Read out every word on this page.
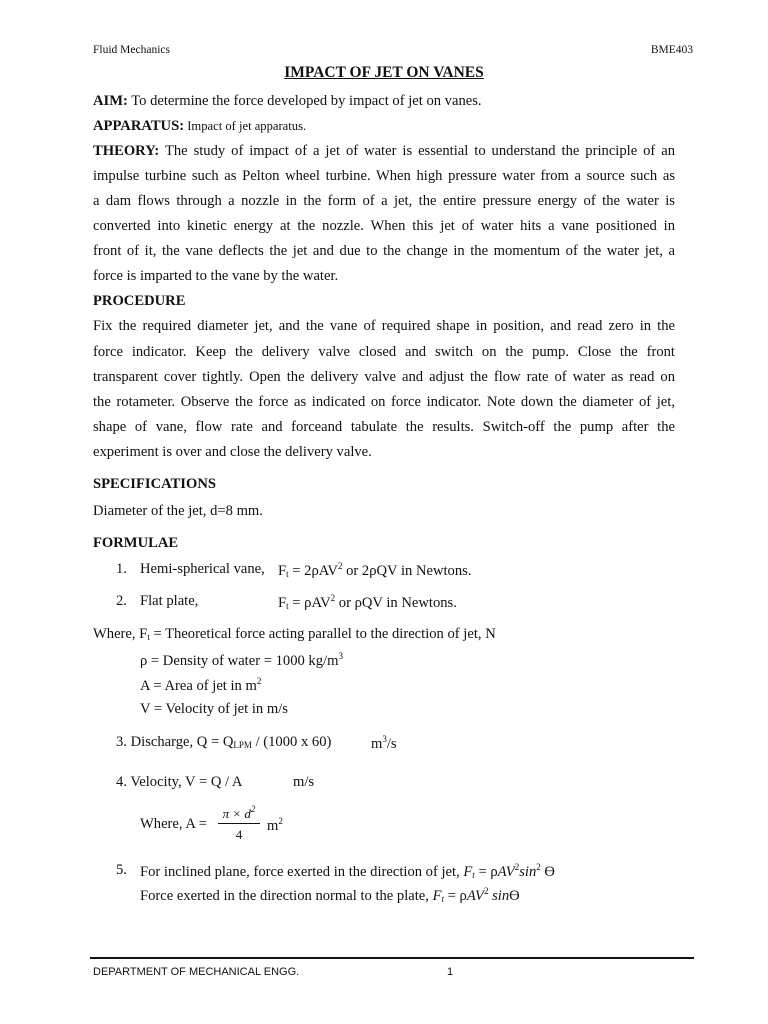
Fluid Mechanics	BME403
IMPACT OF JET ON VANES
AIM: To determine the force developed by impact of jet on vanes.
APPARATUS: Impact of jet apparatus.
THEORY: The study of impact of a jet of water is essential to understand the principle of an
impulse turbine such as Pelton wheel turbine. When high pressure water from a source such as
a dam flows through a nozzle in the form of a jet, the entire pressure energy of the water is
converted into kinetic energy at the nozzle. When this jet of water hits a vane positioned in
front of it, the vane deflects the jet and due to the change in the momentum of the water jet, a
force is imparted to the vane by the water.
PROCEDURE
Fix the required diameter jet, and the vane of required shape in position, and read zero in the
force indicator. Keep the delivery valve closed and switch on the pump. Close the front
transparent cover tightly. Open the delivery valve and adjust the flow rate of water as read on
the rotameter. Observe the force as indicated on force indicator. Note down the diameter of jet,
shape of vane, flow rate and forceand tabulate the results. Switch-off the pump after the
experiment is over and close the delivery valve.
SPECIFICATIONS
Diameter of the jet, d=8 mm.
FORMULAE
1. Hemi-spherical vane, $F_t = 2\rho AV^2$ or 2ρQV in Newtons.
2. Flat plate,	$F_t = \rho AV^2$ or ρQV in Newtons.
Where, $F_t$ = Theoretical force acting parallel to the direction of jet, N
ρ = Density of water = 1000 $kg/m^3$
A = Area of jet in $m^2$
V = Velocity of jet in m/s
3. Discharge, $Q = Q_{LPM} / (1000$ x 60)	$m^3/s$
4. Velocity, V = Q / A	m/s
Where, A =
$\pi \times d^2$
4
$m^2$
5. For inclined plane, force exerted in the direction of jet, $F_t = \rho AV^2\sin^2$ ϴ
Force exerted in the direction normal to the plate, $F_t = \rho AV^2$ sinϴ
DEPARTMENT OF MECHANICAL ENGG.	1
